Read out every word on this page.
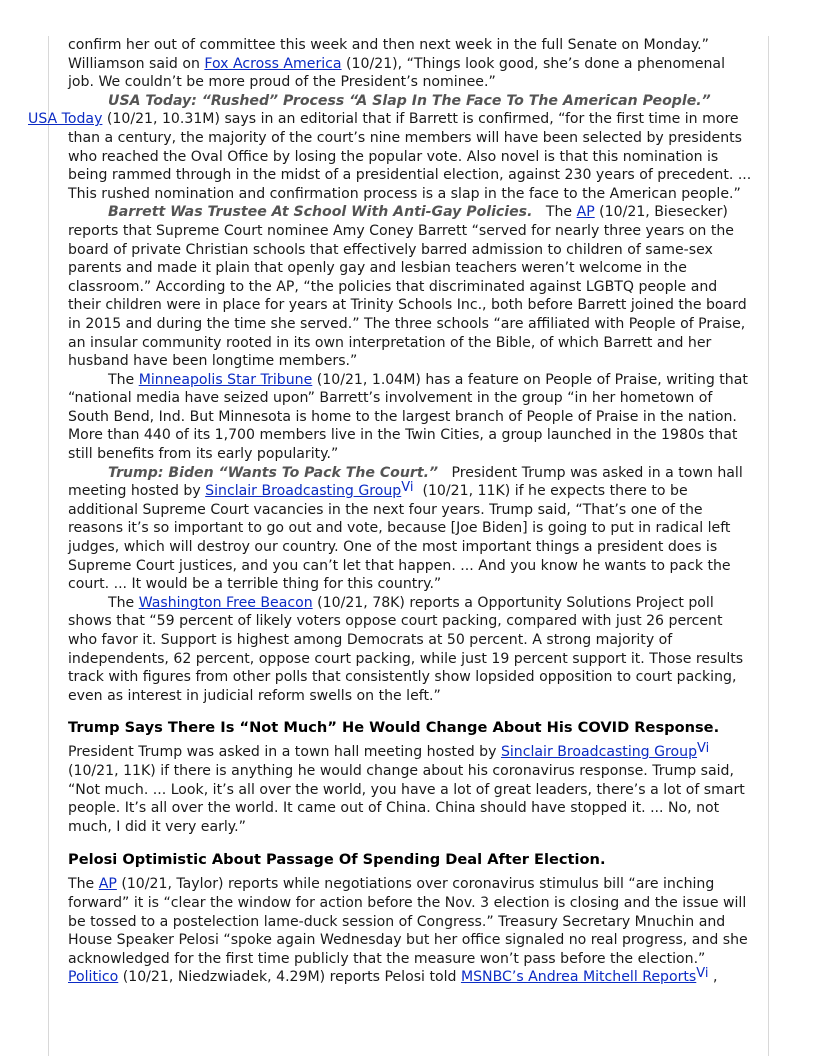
confirm her out of committee this week and then next week in the full Senate on Monday.” Williamson said on Fox Across America (10/21), “Things look good, she’s done a phenomenal job. We couldn’t be more proud of the President’s nominee.”

USA Today: “Rushed” Process “A Slap In The Face To The American People.”
USA Today (10/21, 10.31M) says in an editorial that if Barrett is confirmed, “for the first time in more than a century, the majority of the court’s nine members will have been selected by presidents who reached the Oval Office by losing the popular vote. Also novel is that this nomination is being rammed through in the midst of a presidential election, against 230 years of precedent. ... This rushed nomination and confirmation process is a slap in the face to the American people.”

Barrett Was Trustee At School With Anti-Gay Policies.   The AP (10/21, Biesecker) reports that Supreme Court nominee Amy Coney Barrett “served for nearly three years on the board of private Christian schools that effectively barred admission to children of same-sex parents and made it plain that openly gay and lesbian teachers weren’t welcome in the classroom.” According to the AP, “the policies that discriminated against LGBTQ people and their children were in place for years at Trinity Schools Inc., both before Barrett joined the board in 2015 and during the time she served.” The three schools “are affiliated with People of Praise, an insular community rooted in its own interpretation of the Bible, of which Barrett and her husband have been longtime members.”

The Minneapolis Star Tribune (10/21, 1.04M) has a feature on People of Praise, writing that “national media have seized upon” Barrett’s involvement in the group “in her hometown of South Bend, Ind. But Minnesota is home to the largest branch of People of Praise in the nation. More than 440 of its 1,700 members live in the Twin Cities, a group launched in the 1980s that still benefits from its early popularity.”

Trump: Biden “Wants To Pack The Court.”   President Trump was asked in a town hall meeting hosted by Sinclair Broadcasting Group$^{Vi}$  (10/21, 11K) if he expects there to be additional Supreme Court vacancies in the next four years. Trump said, “That’s one of the reasons it’s so important to go out and vote, because [Joe Biden] is going to put in radical left judges, which will destroy our country. One of the most important things a president does is Supreme Court justices, and you can’t let that happen. ... And you know he wants to pack the court. ... It would be a terrible thing for this country.”

The Washington Free Beacon (10/21, 78K) reports a Opportunity Solutions Project poll shows that “59 percent of likely voters oppose court packing, compared with just 26 percent who favor it. Support is highest among Democrats at 50 percent. A strong majority of independents, 62 percent, oppose court packing, while just 19 percent support it. Those results track with figures from other polls that consistently show lopsided opposition to court packing, even as interest in judicial reform swells on the left.”

Trump Says There Is “Not Much” He Would Change About His COVID Response.

President Trump was asked in a town hall meeting hosted by Sinclair Broadcasting Group$^{Vi}$ (10/21, 11K) if there is anything he would change about his coronavirus response. Trump said, “Not much. ... Look, it’s all over the world, you have a lot of great leaders, there’s a lot of smart people. It’s all over the world. It came out of China. China should have stopped it. ... No, not much, I did it very early.”

Pelosi Optimistic About Passage Of Spending Deal After Election.

The AP (10/21, Taylor) reports while negotiations over coronavirus stimulus bill “are inching forward” it is “clear the window for action before the Nov. 3 election is closing and the issue will be tossed to a postelection lame-duck session of Congress.” Treasury Secretary Mnuchin and House Speaker Pelosi “spoke again Wednesday but her office signaled no real progress, and she acknowledged for the first time publicly that the measure won’t pass before the election.” Politico (10/21, Niedzwiadek, 4.29M) reports Pelosi told MSNBC’s Andrea Mitchell Reports$^{Vi}$ ,
